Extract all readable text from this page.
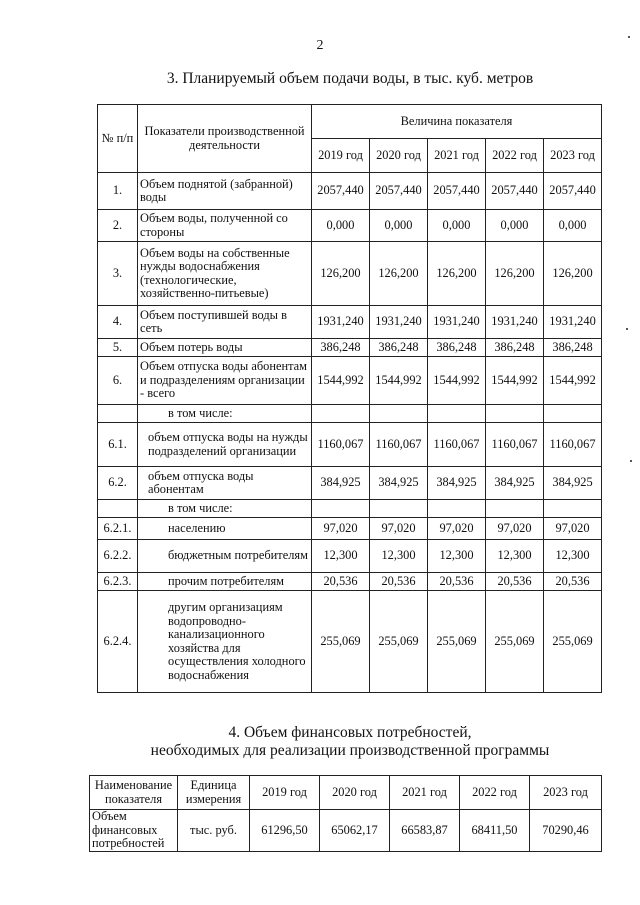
2
3. Планируемый объем подачи воды, в тыс. куб. метров
№ п/п	Показатели производственной деятельности	Величина показателя				
		2019 год	2020 год	2021 год	2022 год	2023 год
1.	Объем поднятой (забранной) воды	2057,440	2057,440	2057,440	2057,440	2057,440
2.	Объем воды, полученной со стороны	0,000	0,000	0,000	0,000	0,000
3.	Объем воды на собственные нужды водоснабжения (технологические, хозяйственно-питьевые)	126,200	126,200	126,200	126,200	126,200
4.	Объем поступившей воды в сеть	1931,240	1931,240	1931,240	1931,240	1931,240
5.	Объем потерь воды	386,248	386,248	386,248	386,248	386,248
6.	Объем отпуска воды абонентам и подразделениям организации - всего	1544,992	1544,992	1544,992	1544,992	1544,992
	в том числе:					
6.1.	объем отпуска воды на нужды подразделений организации	1160,067	1160,067	1160,067	1160,067	1160,067
6.2.	объем отпуска воды абонентам	384,925	384,925	384,925	384,925	384,925
	в том числе:					
6.2.1.	населению	97,020	97,020	97,020	97,020	97,020
6.2.2.	бюджетным потребителям	12,300	12,300	12,300	12,300	12,300
6.2.3.	прочим потребителям	20,536	20,536	20,536	20,536	20,536
6.2.4.	другим организациям водопроводно-канализационного хозяйства для осуществления холодного водоснабжения	255,069	255,069	255,069	255,069	255,069
4. Объем финансовых потребностей,
необходимых для реализации производственной программы
Наименование показателя	Единица измерения	2019 год	2020 год	2021 год	2022 год	2023 год
Объем финансовых потребностей	тыс. руб.	61296,50	65062,17	66583,87	68411,50	70290,46
